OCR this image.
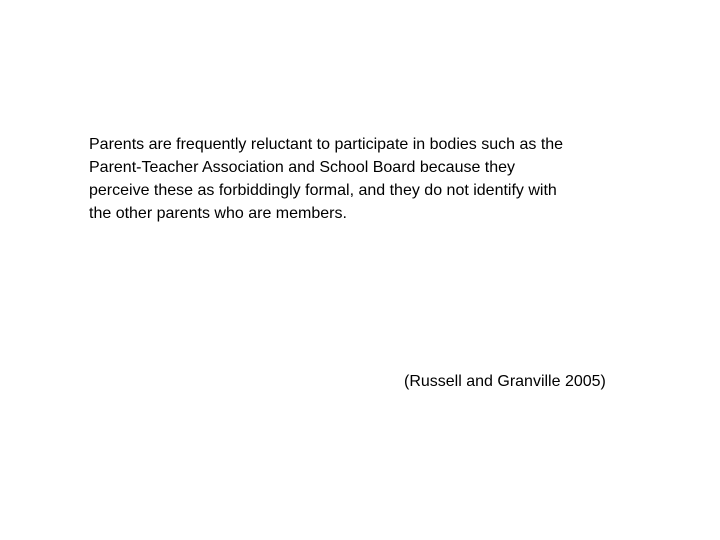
Parents are frequently reluctant to participate in bodies such as the
Parent-Teacher Association and School Board because they
perceive these as forbiddingly formal, and they do not identify with
the other parents who are members.

(Russell and Granville 2005)
